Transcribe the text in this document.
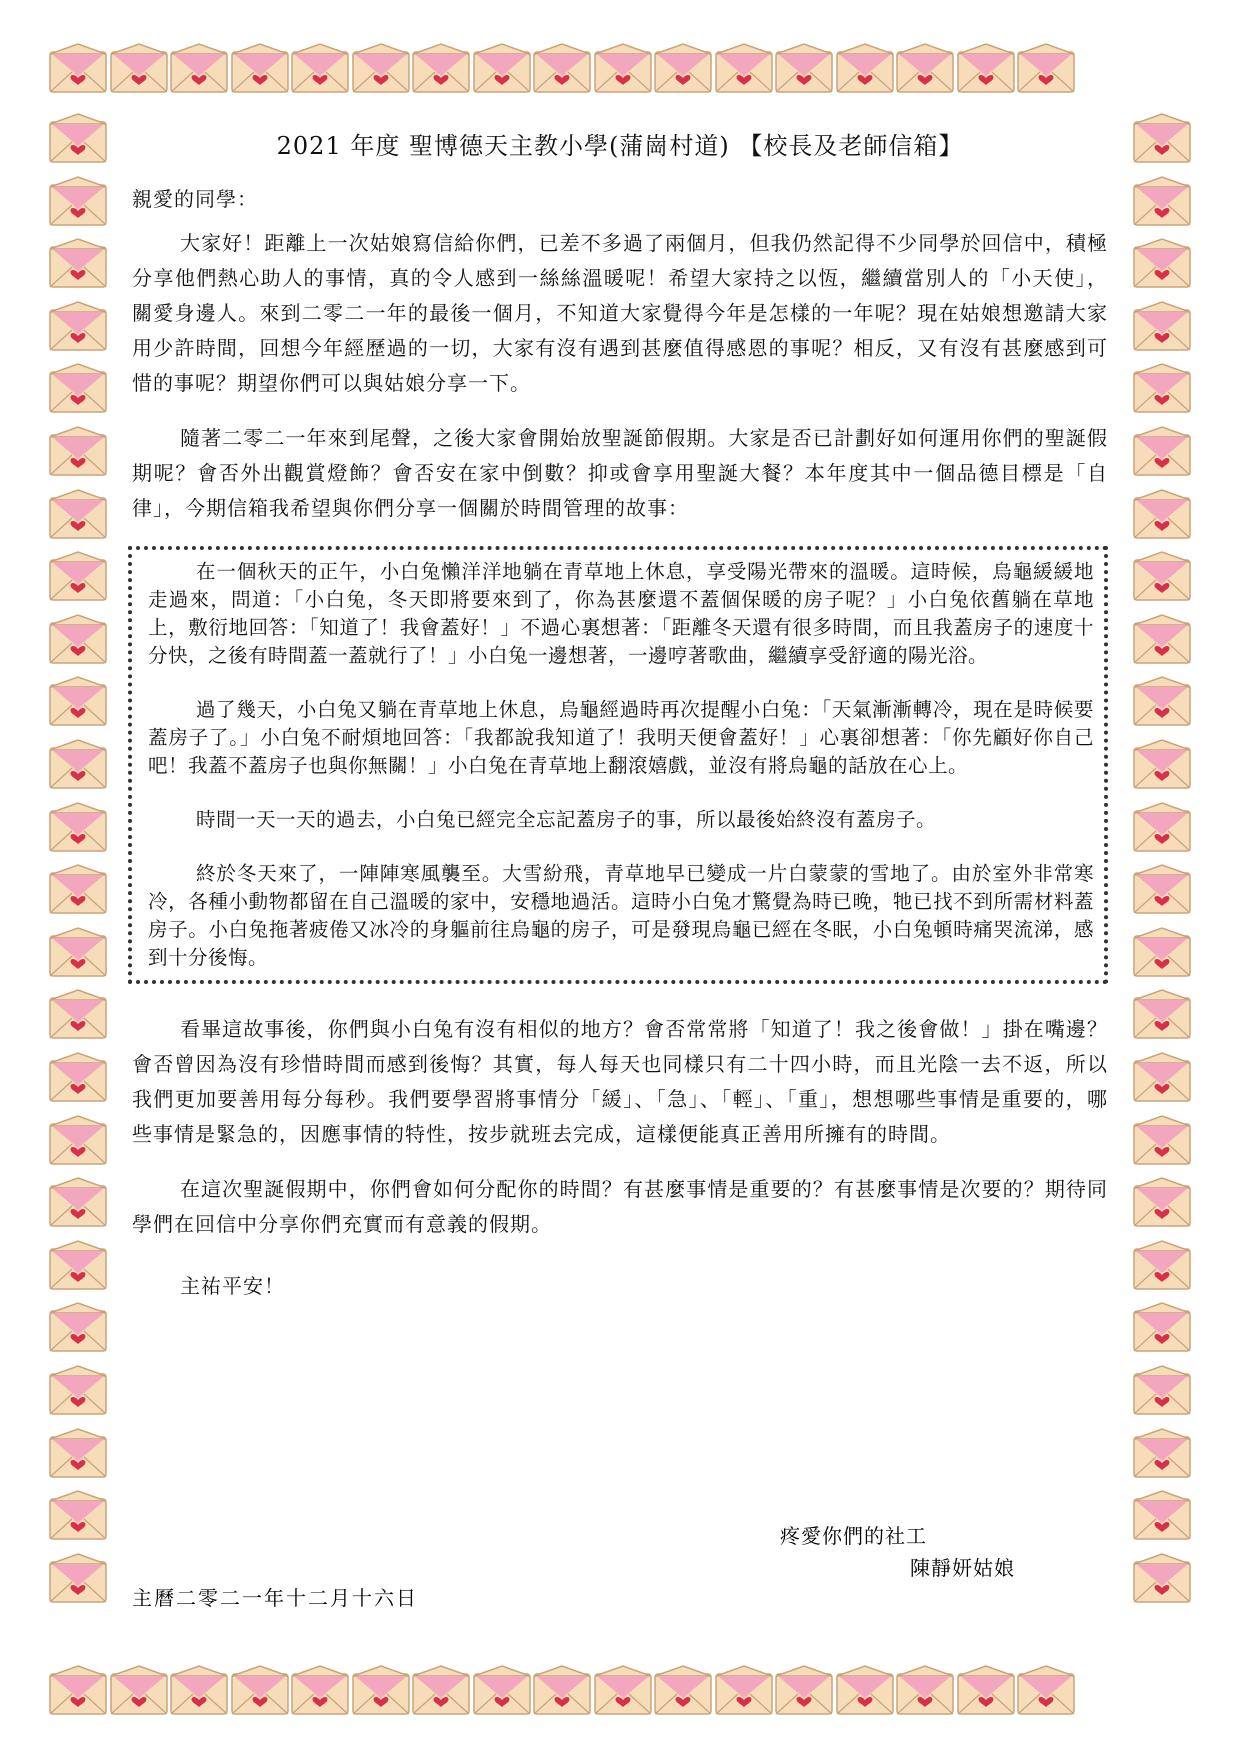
2021 年度 聖博德天主教小學(蒲崗村道) 【校長及老師信箱】
親愛的同學：

大家好！距離上一次姑娘寫信給你們，已差不多過了兩個月，但我仍然記得不少同學於回信中，積極分享他們熱心助人的事情，真的令人感到一絲絲溫暖呢！希望大家持之以恆，繼續當別人的「小天使」，關愛身邊人。來到二零二一年的最後一個月，不知道大家覺得今年是怎樣的一年呢？現在姑娘想邀請大家用少許時間，回想今年經歷過的一切，大家有沒有遇到甚麼值得感恩的事呢？相反，又有沒有甚麼感到可惜的事呢？期望你們可以與姑娘分享一下。

隨著二零二一年來到尾聲，之後大家會開始放聖誕節假期。大家是否已計劃好如何運用你們的聖誕假期呢？會否外出觀賞燈飾？會否安在家中倒數？抑或會享用聖誕大餐？本年度其中一個品德目標是「自律」，今期信箱我希望與你們分享一個關於時間管理的故事：

在一個秋天的正午，小白兔懶洋洋地躺在青草地上休息，享受陽光帶來的溫暖。這時候，烏龜緩緩地走過來，問道：「小白兔，冬天即將要來到了，你為甚麼還不蓋個保暖的房子呢？」小白兔依舊躺在草地上，敷衍地回答：「知道了！我會蓋好！」不過心裏想著：「距離冬天還有很多時間，而且我蓋房子的速度十分快，之後有時間蓋一蓋就行了！」小白兔一邊想著，一邊哼著歌曲，繼續享受舒適的陽光浴。

過了幾天，小白兔又躺在青草地上休息，烏龜經過時再次提醒小白兔：「天氣漸漸轉冷，現在是時候要蓋房子了。」小白兔不耐煩地回答：「我都說我知道了！我明天便會蓋好！」心裏卻想著：「你先顧好你自己吧！我蓋不蓋房子也與你無關！」小白兔在青草地上翻滾嬉戲，並沒有將烏龜的話放在心上。

時間一天一天的過去，小白兔已經完全忘記蓋房子的事，所以最後始終沒有蓋房子。

終於冬天來了，一陣陣寒風襲至。大雪紛飛，青草地早已變成一片白蒙蒙的雪地了。由於室外非常寒冷，各種小動物都留在自己溫暖的家中，安穩地過活。這時小白兔才驚覺為時已晚，牠已找不到所需材料蓋房子。小白兔拖著疲倦又冰冷的身軀前往烏龜的房子，可是發現烏龜已經在冬眠，小白兔頓時痛哭流涕，感到十分後悔。

看畢這故事後，你們與小白兔有沒有相似的地方？會否常常將「知道了！我之後會做！」掛在嘴邊？會否曾因為沒有珍惜時間而感到後悔？其實，每人每天也同樣只有二十四小時，而且光陰一去不返，所以我們更加要善用每分每秒。我們要學習將事情分「緩」、「急」、「輕」、「重」，想想哪些事情是重要的，哪些事情是緊急的，因應事情的特性，按步就班去完成，這樣便能真正善用所擁有的時間。

在這次聖誕假期中，你們會如何分配你的時間？有甚麼事情是重要的？有甚麼事情是次要的？期待同學們在回信中分享你們充實而有意義的假期。

主祐平安！
疼愛你們的社工
陳靜妍姑娘
主曆二零二一年十二月十六日
